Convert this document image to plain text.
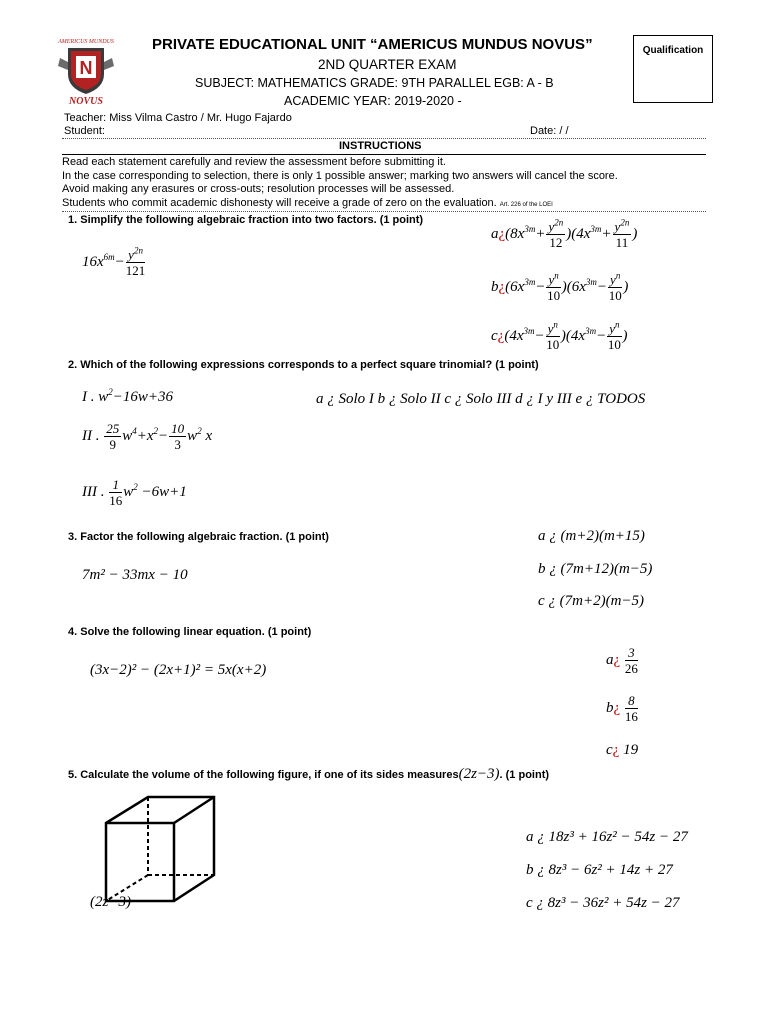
AMERICUS MUNDUS
N
NOVUS
PRIVATE EDUCATIONAL UNIT “AMERICUS MUNDUS NOVUS”
2ND QUARTER EXAM
SUBJECT: MATHEMATICS GRADE: 9TH PARALLEL EGB: A - B
ACADEMIC YEAR: 2019-2020 -
Qualification
Teacher: Miss Vilma Castro / Mr. Hugo Fajardo
Student:	Date: / /
INSTRUCTIONS
Read each statement carefully and review the assessment before submitting it.
In the case corresponding to selection, there is only 1 possible answer; marking two answers will cancel the score.
Avoid making any erasures or cross-outs; resolution processes will be assessed.
Students who commit academic dishonesty will receive a grade of zero on the evaluation. Art. 226 of the LOEI
1. Simplify the following algebraic fraction into two factors. (1 point)
$16x^{6m}- \frac{y^{2n}}{121}$
$a¿(8x^{3m}+ \frac{y^{2n}}{12} )(4x^{3m}+ \frac{y^{2n}}{11}$ )
$b¿(6x^{3m}- \frac{y^n}{10} )(6x^{3m}- \frac{y^n}{10}$ )
$c¿(4x^{3m}- \frac{y^n}{10} )(4x^{3m}- \frac{y^n}{10}$ )
2. Which of the following expressions corresponds to a perfect square trinomial? (1 point)
I . $w^2-16w+36$	a ¿ Solo I b ¿ Solo II c ¿ Solo III d ¿ I y III e ¿ TODOS
II . $\frac{25}{9} w^4+x^2- \frac{10}{3} w^2$ x
III . $\frac{1}{16} w^2 -6w+1$
3. Factor the following algebraic fraction. (1 point)
7m² − 33mx − 10
a ¿ (m+2)(m+15)
b ¿ (7m+12)(m−5)
c ¿ (7m+2)(m−5)
4. Solve the following linear equation. (1 point)
(3x−2)² − (2x+1)² = 5x(x+2)
a¿ $\frac{3}{26}$
b¿ $\frac{8}{16}$
c¿ 19
5. Calculate the volume of the following figure, if one of its sides measures(2z−3). (1 point)
(2z−3)
a ¿ 18z³ + 16z² − 54z − 27
b ¿ 8z³ − 6z² + 14z + 27
c ¿ 8z³ − 36z² + 54z − 27
